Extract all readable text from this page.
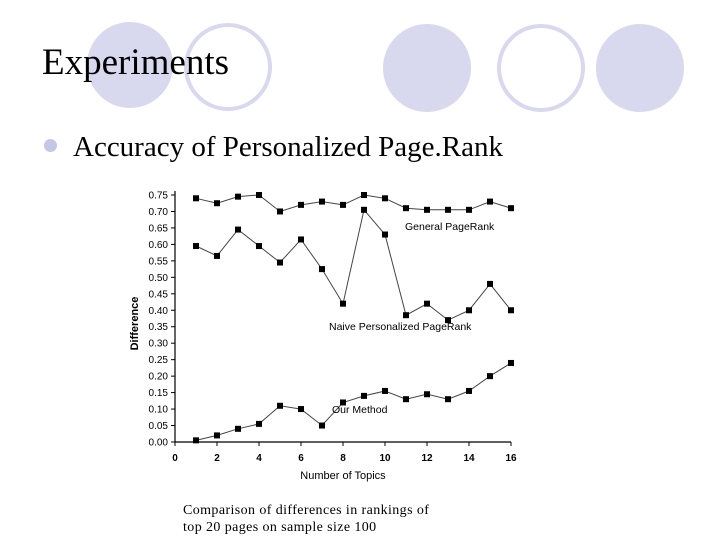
Experiments
Accuracy of Personalized Page.Rank
0.00
0.05
0.10
0.15
0.20
0.25
0.30
0.35
0.40
0.45
0.50
0.55
0.60
0.65
0.70
0.75
0	2	4	6	8	10	12	14	16
Number of Topics
Difference
General PageRank
Naive Personalized PageRank
Our Method
Comparison of differences in rankings of
top 20 pages on sample size 100
